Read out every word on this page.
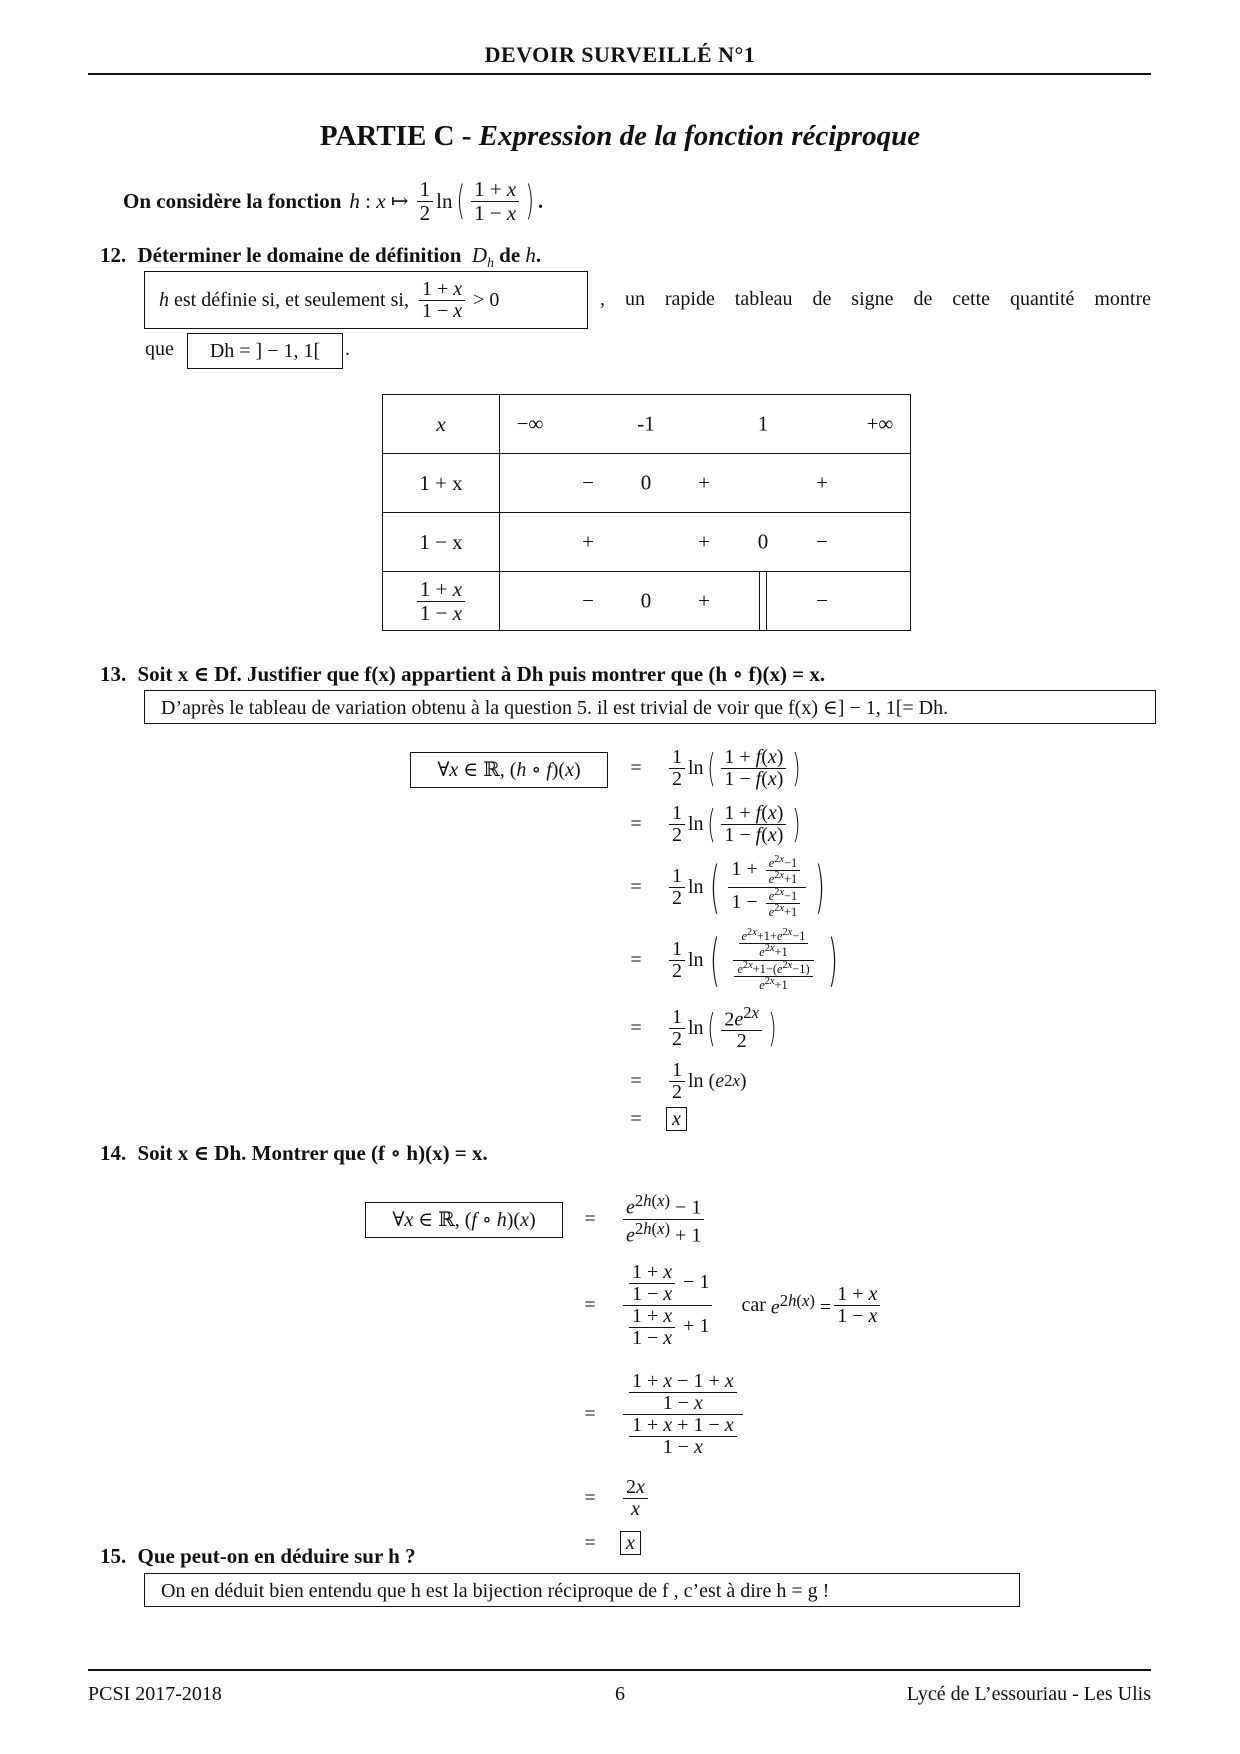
DEVOIR SURVEILLÉ N°1
PARTIE C - Expression de la fonction réciproque
On considère la fonction h : x ↦ $\frac{1}{2}$ ln ( $\frac{1 + x}{1 - x}$ ) .
12. Déterminer le domaine de définition  $D_h$ de h.
h
est définie si, et seulement si, $\frac{1 + x}{1 - x} > 0$	, un rapide tableau de signe de cette quantité montre
que	Dh = ] − 1, 1[	.
x	−∞ -1 1 +∞

1 + x	− 0 + +

1 − x	+ + 0 −

$\frac{1 + x}{1 - x}$	− 0 + −
13. Soit x ∈ Df. Justifier que f(x) appartient à Dh puis montrer que (h ∘ f)(x) = x.
D’après le tableau de variation obtenu à la question 5. il est trivial de voir que f(x) ∈] − 1, 1[= Dh.
∀x ∈ ℝ, (h ∘ f)(x)	=	$\frac{1}{2}$ ln ( $\frac{1 + f(x)}{1 - f(x)}$ )
=	$\frac{1}{2}$ ln ( $\frac{1 + f(x)}{1 - f(x)}$ )
=	$\frac{1}{2}$ ln ( $\frac{1 + \frac{e^{2x}-1}{e^{2x}+1}}{1 - \frac{e^{2x}-1}{e^{2x}+1}}$ )
=	$\frac{1}{2}$ ln ( $\frac{\frac{e^{2x}+1+e^{2x}-1}{e^{2x}+1}}{\frac{e^{2x}+1-(e^{2x}-1)}{e^{2x}+1}}$ )
=	$\frac{1}{2}$ ln ( $\frac{2e^{2x}}{2}$ )
=	$\frac{1}{2}$ ln ( e 2x )
=	x
14. Soit x ∈ Dh. Montrer que (f ∘ h)(x) = x.
∀x ∈ ℝ, (f ∘ h)(x)	=	$\frac{e^{2h(x)} - 1}{e^{2h(x)} + 1}$
=	$\frac{\frac{1 + x}{1 - x} - 1}{\frac{1 + x}{1 - x} + 1}$ car $e^{2h(x)} = \frac{1 + x}{1 - x}$
=	$\frac{\frac{1 + x - 1 + x}{1 - x}}{\frac{1 + x + 1 - x}{1 - x}}$
=	$\frac{2x}{x}$
=	x
15. Que peut-on en déduire sur h ?
On en déduit bien entendu que h est la bijection réciproque de f , c’est à dire h = g !
PCSI 2017-2018	6	Lycé de L’essouriau - Les Ulis
